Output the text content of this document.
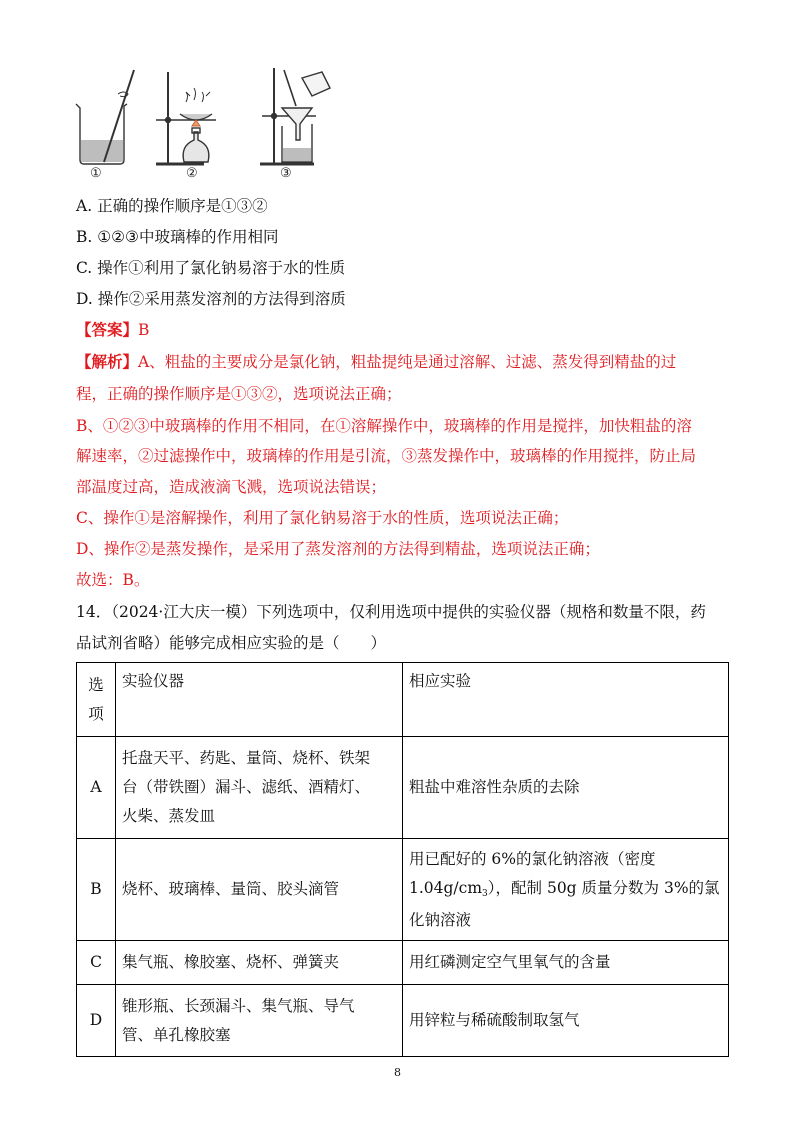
①	②	③
A. 正确的操作顺序是①③②
B. ①②③中玻璃棒的作用相同
C. 操作①利用了氯化钠易溶于水的性质
D. 操作②采用蒸发溶剂的方法得到溶质
【答案】B
【解析】A、粗盐的主要成分是氯化钠，粗盐提纯是通过溶解、过滤、蒸发得到精盐的过
程，正确的操作顺序是①③②，选项说法正确；
B、①②③中玻璃棒的作用不相同，在①溶解操作中，玻璃棒的作用是搅拌，加快粗盐的溶
解速率，②过滤操作中，玻璃棒的作用是引流，③蒸发操作中，玻璃棒的作用搅拌，防止局
部温度过高，造成液滴飞溅，选项说法错误；
C、操作①是溶解操作，利用了氯化钠易溶于水的性质，选项说法正确；
D、操作②是蒸发操作，是采用了蒸发溶剂的方法得到精盐，选项说法正确；
故选：B。
14．（2024·江大庆一模）下列选项中，仅利用选项中提供的实验仪器（规格和数量不限，药
品试剂省略）能够完成相应实验的是（　　）
选
项	实验仪器	相应实验
A	托盘天平、药匙、量筒、烧杯、铁架
台（带铁圈）漏斗、滤纸、酒精灯、
火柴、蒸发皿	粗盐中难溶性杂质的去除
B	烧杯、玻璃棒、量筒、胶头滴管	用已配好的 6%的氯化钠溶液（密度
$1.04g/cm^3$），配制 50g 质量分数为 3%的氯
化钠溶液

C	集气瓶、橡胶塞、烧杯、弹簧夹	用红磷测定空气里氧气的含量
D	锥形瓶、长颈漏斗、集气瓶、导气
管、单孔橡胶塞	用锌粒与稀硫酸制取氢气
8
